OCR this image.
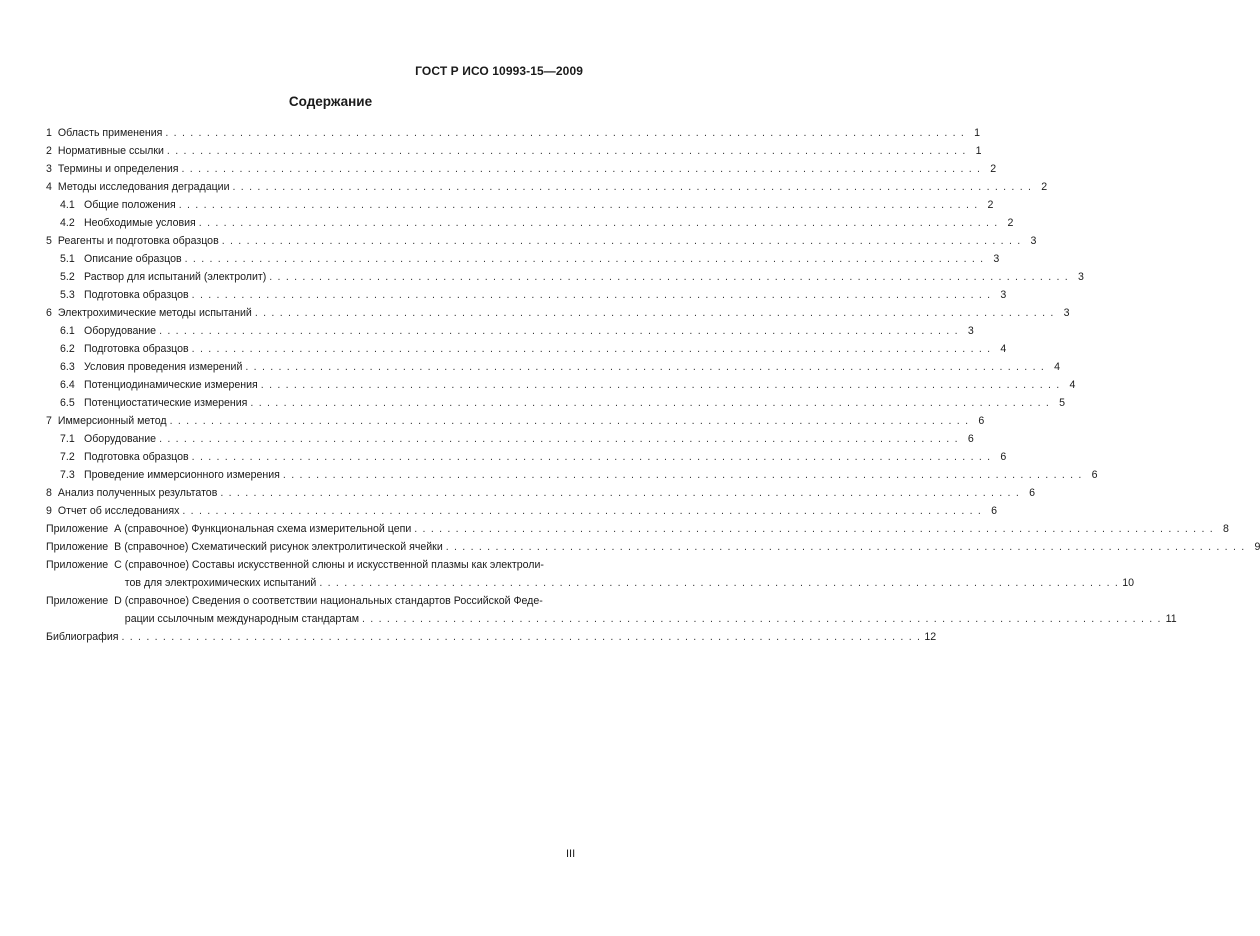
ГОСТ Р ИСО 10993-15—2009
Содержание
1 Область применения . . .	1
2 Нормативные ссылки . . .	1
3 Термины и определения . . .	2
4 Методы исследования деградации . . .	2
4.1 Общие положения . . .	2
4.2 Необходимые условия . . .	2
5 Реагенты и подготовка образцов . . .	3
5.1 Описание образцов . . .	3
5.2 Раствор для испытаний (электролит) . . .	3
5.3 Подготовка образцов . . .	3
6 Электрохимические методы испытаний . . .	3
6.1 Оборудование . . .	3
6.2 Подготовка образцов . . .	4
6.3 Условия проведения измерений . . .	4
6.4 Потенциодинамические измерения . . .	4
6.5 Потенциостатические измерения . . .	5
7 Иммерсионный метод . . .	6
7.1 Оборудование . . .	6
7.2 Подготовка образцов . . .	6
7.3 Проведение иммерсионного измерения . . .	6
8 Анализ полученных результатов . . .	6
9 Отчет об исследованиях . . .	6
Приложение A (справочное) Функциональная схема измерительной цепи . . .	8
Приложение B (справочное) Схематический рисунок электролитической ячейки . . .	9
Приложение C (справочное) Составы искусственной слюны и искусственной плазмы как электроли-
тов для электрохимических испытаний . . .	10
Приложение D (справочное) Сведения о соответствии национальных стандартов Российской Феде-
рации ссылочным международным стандартам . . .	11
Библиография . . .	12
III
